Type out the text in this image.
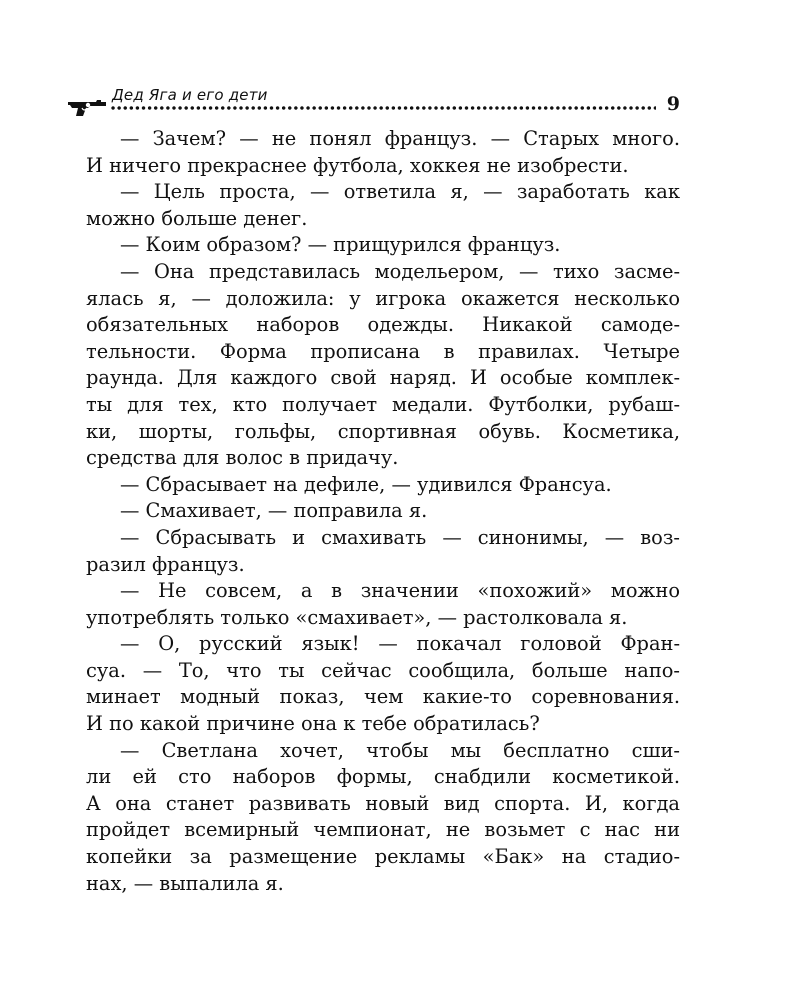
Дед Яга и его дети	9
— Зачем? — не понял француз. — Старых много.
И ничего прекраснее футбола, хоккея не изобрести.
— Цель проста, — ответила я, — заработать как
можно больше денег.
— Коим образом? — прищурился француз.
— Она представилась модельером, — тихо засме-
ялась я, — доложила: у игрока окажется несколько
обязательных наборов одежды. Никакой самоде-
тельности. Форма прописана в правилах. Четыре
раунда. Для каждого свой наряд. И особые комплек-
ты для тех, кто получает медали. Футболки, рубаш-
ки, шорты, гольфы, спортивная обувь. Косметика,
средства для волос в придачу.
— Сбрасывает на дефиле, — удивился Франсуа.
— Смахивает, — поправила я.
— Сбрасывать и смахивать — синонимы, — воз-
разил француз.
— Не совсем, а в значении «похожий» можно
употреблять только «смахивает», — растолковала я.
— О, русский язык! — покачал головой Фран-
суа. — То, что ты сейчас сообщила, больше напо-
минает модный показ, чем какие-то соревнования.
И по какой причине она к тебе обратилась?
— Светлана хочет, чтобы мы бесплатно сши-
ли ей сто наборов формы, снабдили косметикой.
А она станет развивать новый вид спорта. И, когда
пройдет всемирный чемпионат, не возьмет с нас ни
копейки за размещение рекламы «Бак» на стадио-
нах, — выпалила я.
